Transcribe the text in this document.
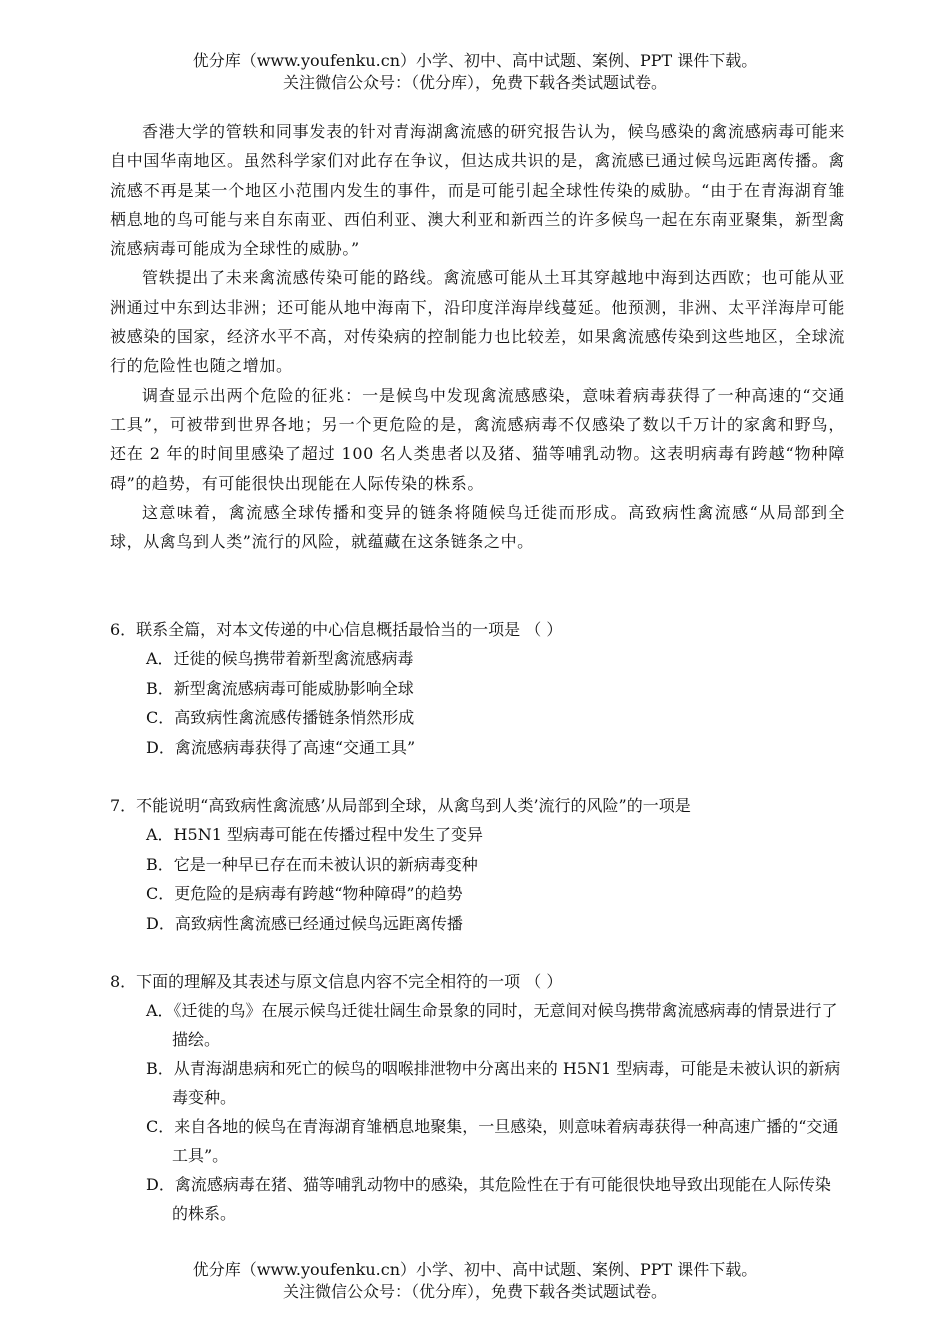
优分库（www.youfenku.cn）小学、初中、高中试题、案例、PPT 课件下载。
关注微信公众号：（优分库），免费下载各类试题试卷。

香港大学的管轶和同事发表的针对青海湖禽流感的研究报告认为，候鸟感染的禽流感病毒可能来自中国华南地区。虽然科学家们对此存在争议，但达成共识的是，禽流感已通过候鸟远距离传播。禽流感不再是某一个地区小范围内发生的事件，而是可能引起全球性传染的威胁。“由于在青海湖育雏栖息地的鸟可能与来自东南亚、西伯利亚、澳大利亚和新西兰的许多候鸟一起在东南亚聚集，新型禽流感病毒可能成为全球性的威胁。”

管轶提出了未来禽流感传染可能的路线。禽流感可能从土耳其穿越地中海到达西欧；也可能从亚洲通过中东到达非洲；还可能从地中海南下，沿印度洋海岸线蔓延。他预测，非洲、太平洋海岸可能被感染的国家，经济水平不高，对传染病的控制能力也比较差，如果禽流感传染到这些地区，全球流行的危险性也随之增加。

调查显示出两个危险的征兆：一是候鸟中发现禽流感感染，意味着病毒获得了一种高速的“交通工具”，可被带到世界各地；另一个更危险的是，禽流感病毒不仅感染了数以千万计的家禽和野鸟，还在 2 年的时间里感染了超过 100 名人类患者以及猪、猫等哺乳动物。这表明病毒有跨越“物种障碍”的趋势，有可能很快出现能在人际传染的株系。

这意味着，禽流感全球传播和变异的链条将随候鸟迁徙而形成。高致病性禽流感“从局部到全球，从禽鸟到人类”流行的风险，就蕴藏在这条链条之中。

6．联系全篇，对本文传递的中心信息概括最恰当的一项是 （ ）
A．迁徙的候鸟携带着新型禽流感病毒
B．新型禽流感病毒可能威胁影响全球
C．高致病性禽流感传播链条悄然形成
D．禽流感病毒获得了高速“交通工具”
7．不能说明“高致病性禽流感’从局部到全球，从禽鸟到人类’流行的风险”的一项是
A．H5N1 型病毒可能在传播过程中发生了变异
B．它是一种早已存在而未被认识的新病毒变种
C．更危险的是病毒有跨越“物种障碍”的趋势
D．高致病性禽流感已经通过候鸟远距离传播
8．下面的理解及其表述与原文信息内容不完全相符的一项 （ ）
A．《迁徙的鸟》在展示候鸟迁徙壮阔生命景象的同时，无意间对候鸟携带禽流感病毒的情景进行了描绘。
B．从青海湖患病和死亡的候鸟的咽喉排泄物中分离出来的 H5N1 型病毒，可能是未被认识的新病毒变种。
C．来自各地的候鸟在青海湖育雏栖息地聚集，一旦感染，则意味着病毒获得一种高速广播的“交通工具”。
D．禽流感病毒在猪、猫等哺乳动物中的感染，其危险性在于有可能很快地导致出现能在人际传染的株系。
优分库（www.youfenku.cn）小学、初中、高中试题、案例、PPT 课件下载。
关注微信公众号：（优分库），免费下载各类试题试卷。
